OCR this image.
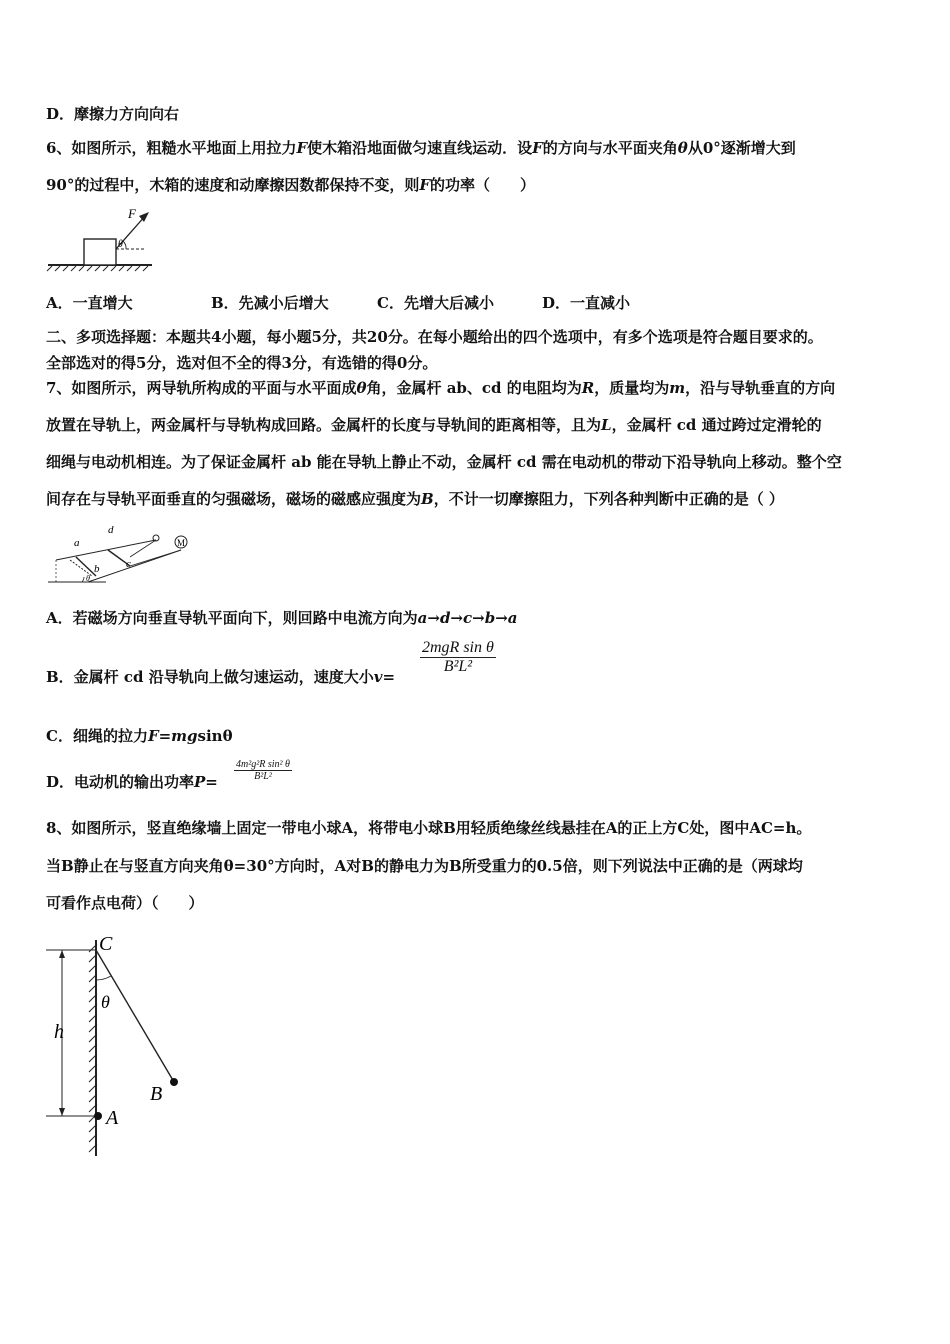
D．摩擦力方向向右
6、如图所示，粗糙水平地面上用拉力F使木箱沿地面做匀速直线运动．设F的方向与水平面夹角θ从0°逐渐增大到
90°的过程中，木箱的速度和动摩擦因数都保持不变，则F的功率（　　）
F
θ
A．一直增大	B．先减小后增大	C．先增大后减小	D．一直减小
二、多项选择题：本题共4小题，每小题5分，共20分。在每小题给出的四个选项中，有多个选项是符合题目要求的。
全部选对的得5分，选对但不全的得3分，有选错的得0分。
7、如图所示，两导轨所构成的平面与水平面成θ角，金属杆 ab、cd 的电阻均为R，质量均为m，沿与导轨垂直的方向
放置在导轨上，两金属杆与导轨构成回路。金属杆的长度与导轨间的距离相等，且为L，金属杆 cd 通过跨过定滑轮的
细绳与电动机相连。为了保证金属杆 ab 能在导轨上静止不动，金属杆 cd 需在电动机的带动下沿导轨向上移动。整个空
间存在与导轨平面垂直的匀强磁场，磁场的磁感应强度为B，不计一切摩擦阻力，下列各种判断中正确的是（ ）
M
a
d
b c
θ
A．若磁场方向垂直导轨平面向下，则回路中电流方向为a→d→c→b→a
B．金属杆 cd 沿导轨向上做匀速运动，速度大小v=
2mgR sin θ
B²L²
C．细绳的拉力F=mgsinθ
D．电动机的输出功率$P= \frac{\text{4m²g²R sin² θ}}{\text{B²L²}}$
8、如图所示，竖直绝缘墙上固定一带电小球A，将带电小球B用轻质绝缘丝线悬挂在A的正上方C处，图中AC=h。
当B静止在与竖直方向夹角θ=30°方向时，A对B的静电力为B所受重力的0.5倍，则下列说法中正确的是（两球均
可看作点电荷）（　　）
C
h
θ
B
A
